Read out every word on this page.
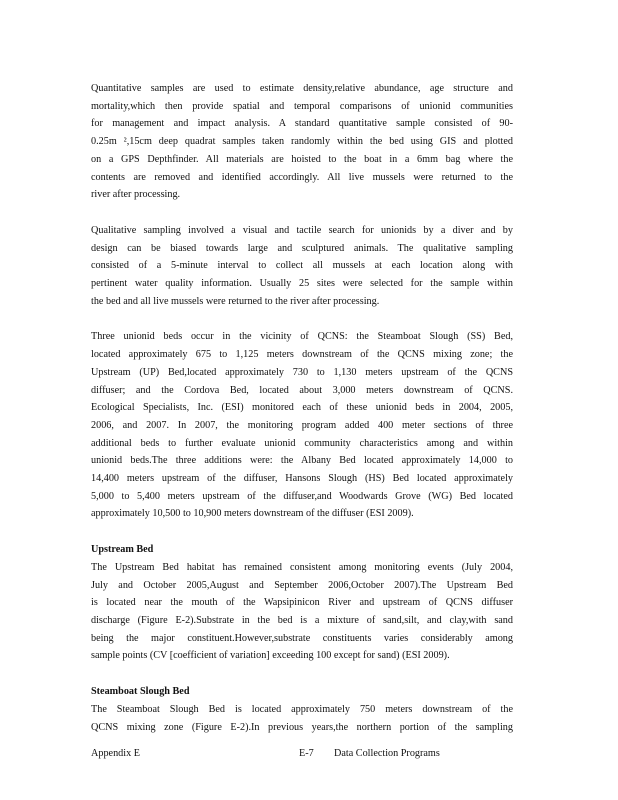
Quantitative samples are used to estimate density,relative abundance, age structure and
mortality,which then provide spatial and temporal comparisons of unionid communities
for management and impact analysis. A standard quantitative sample consisted of 90-
0.25m ²,15cm deep quadrat samples taken randomly within the bed using GIS and plotted
on a GPS Depthfinder. All materials are hoisted to the boat in a 6mm bag where the
contents are removed and identified accordingly. All live mussels were returned to the
river after processing.
Qualitative sampling involved a visual and tactile search for unionids by a diver and by
design can be biased towards large and sculptured animals. The qualitative sampling
consisted of a 5-minute interval to collect all mussels at each location along with
pertinent water quality information. Usually 25 sites were selected for the sample within
the bed and all live mussels were returned to the river after processing.
Three unionid beds occur in the vicinity of QCNS: the Steamboat Slough (SS) Bed,
located approximately 675 to 1,125 meters downstream of the QCNS mixing zone; the
Upstream (UP) Bed,located approximately 730 to 1,130 meters upstream of the QCNS
diffuser; and the Cordova Bed, located about 3,000 meters downstream of QCNS.
Ecological Specialists, Inc. (ESI) monitored each of these unionid beds in 2004, 2005,
2006, and 2007. In 2007, the monitoring program added 400 meter sections of three
additional beds to further evaluate unionid community characteristics among and within
unionid beds.The three additions were: the Albany Bed located approximately 14,000 to
14,400 meters upstream of the diffuser, Hansons Slough (HS) Bed located approximately
5,000 to 5,400 meters upstream of the diffuser,and Woodwards Grove (WG) Bed located
approximately 10,500 to 10,900 meters downstream of the diffuser (ESI 2009).
Upstream Bed
The Upstream Bed habitat has remained consistent among monitoring events (July 2004,
July and October 2005,August and September 2006,October 2007).The Upstream Bed
is located near the mouth of the Wapsipinicon River and upstream of QCNS diffuser
discharge (Figure E-2).Substrate in the bed is a mixture of sand,silt, and clay,with sand
being the major constituent.However,substrate constituents varies considerably among
sample points (CV [coefficient of variation] exceeding 100 except for sand) (ESI 2009).
Steamboat Slough Bed
The Steamboat Slough Bed is located approximately 750 meters downstream of the
QCNS mixing zone (Figure E-2).In previous years,the northern portion of the sampling
Appendix E	E-7 Data Collection Programs
